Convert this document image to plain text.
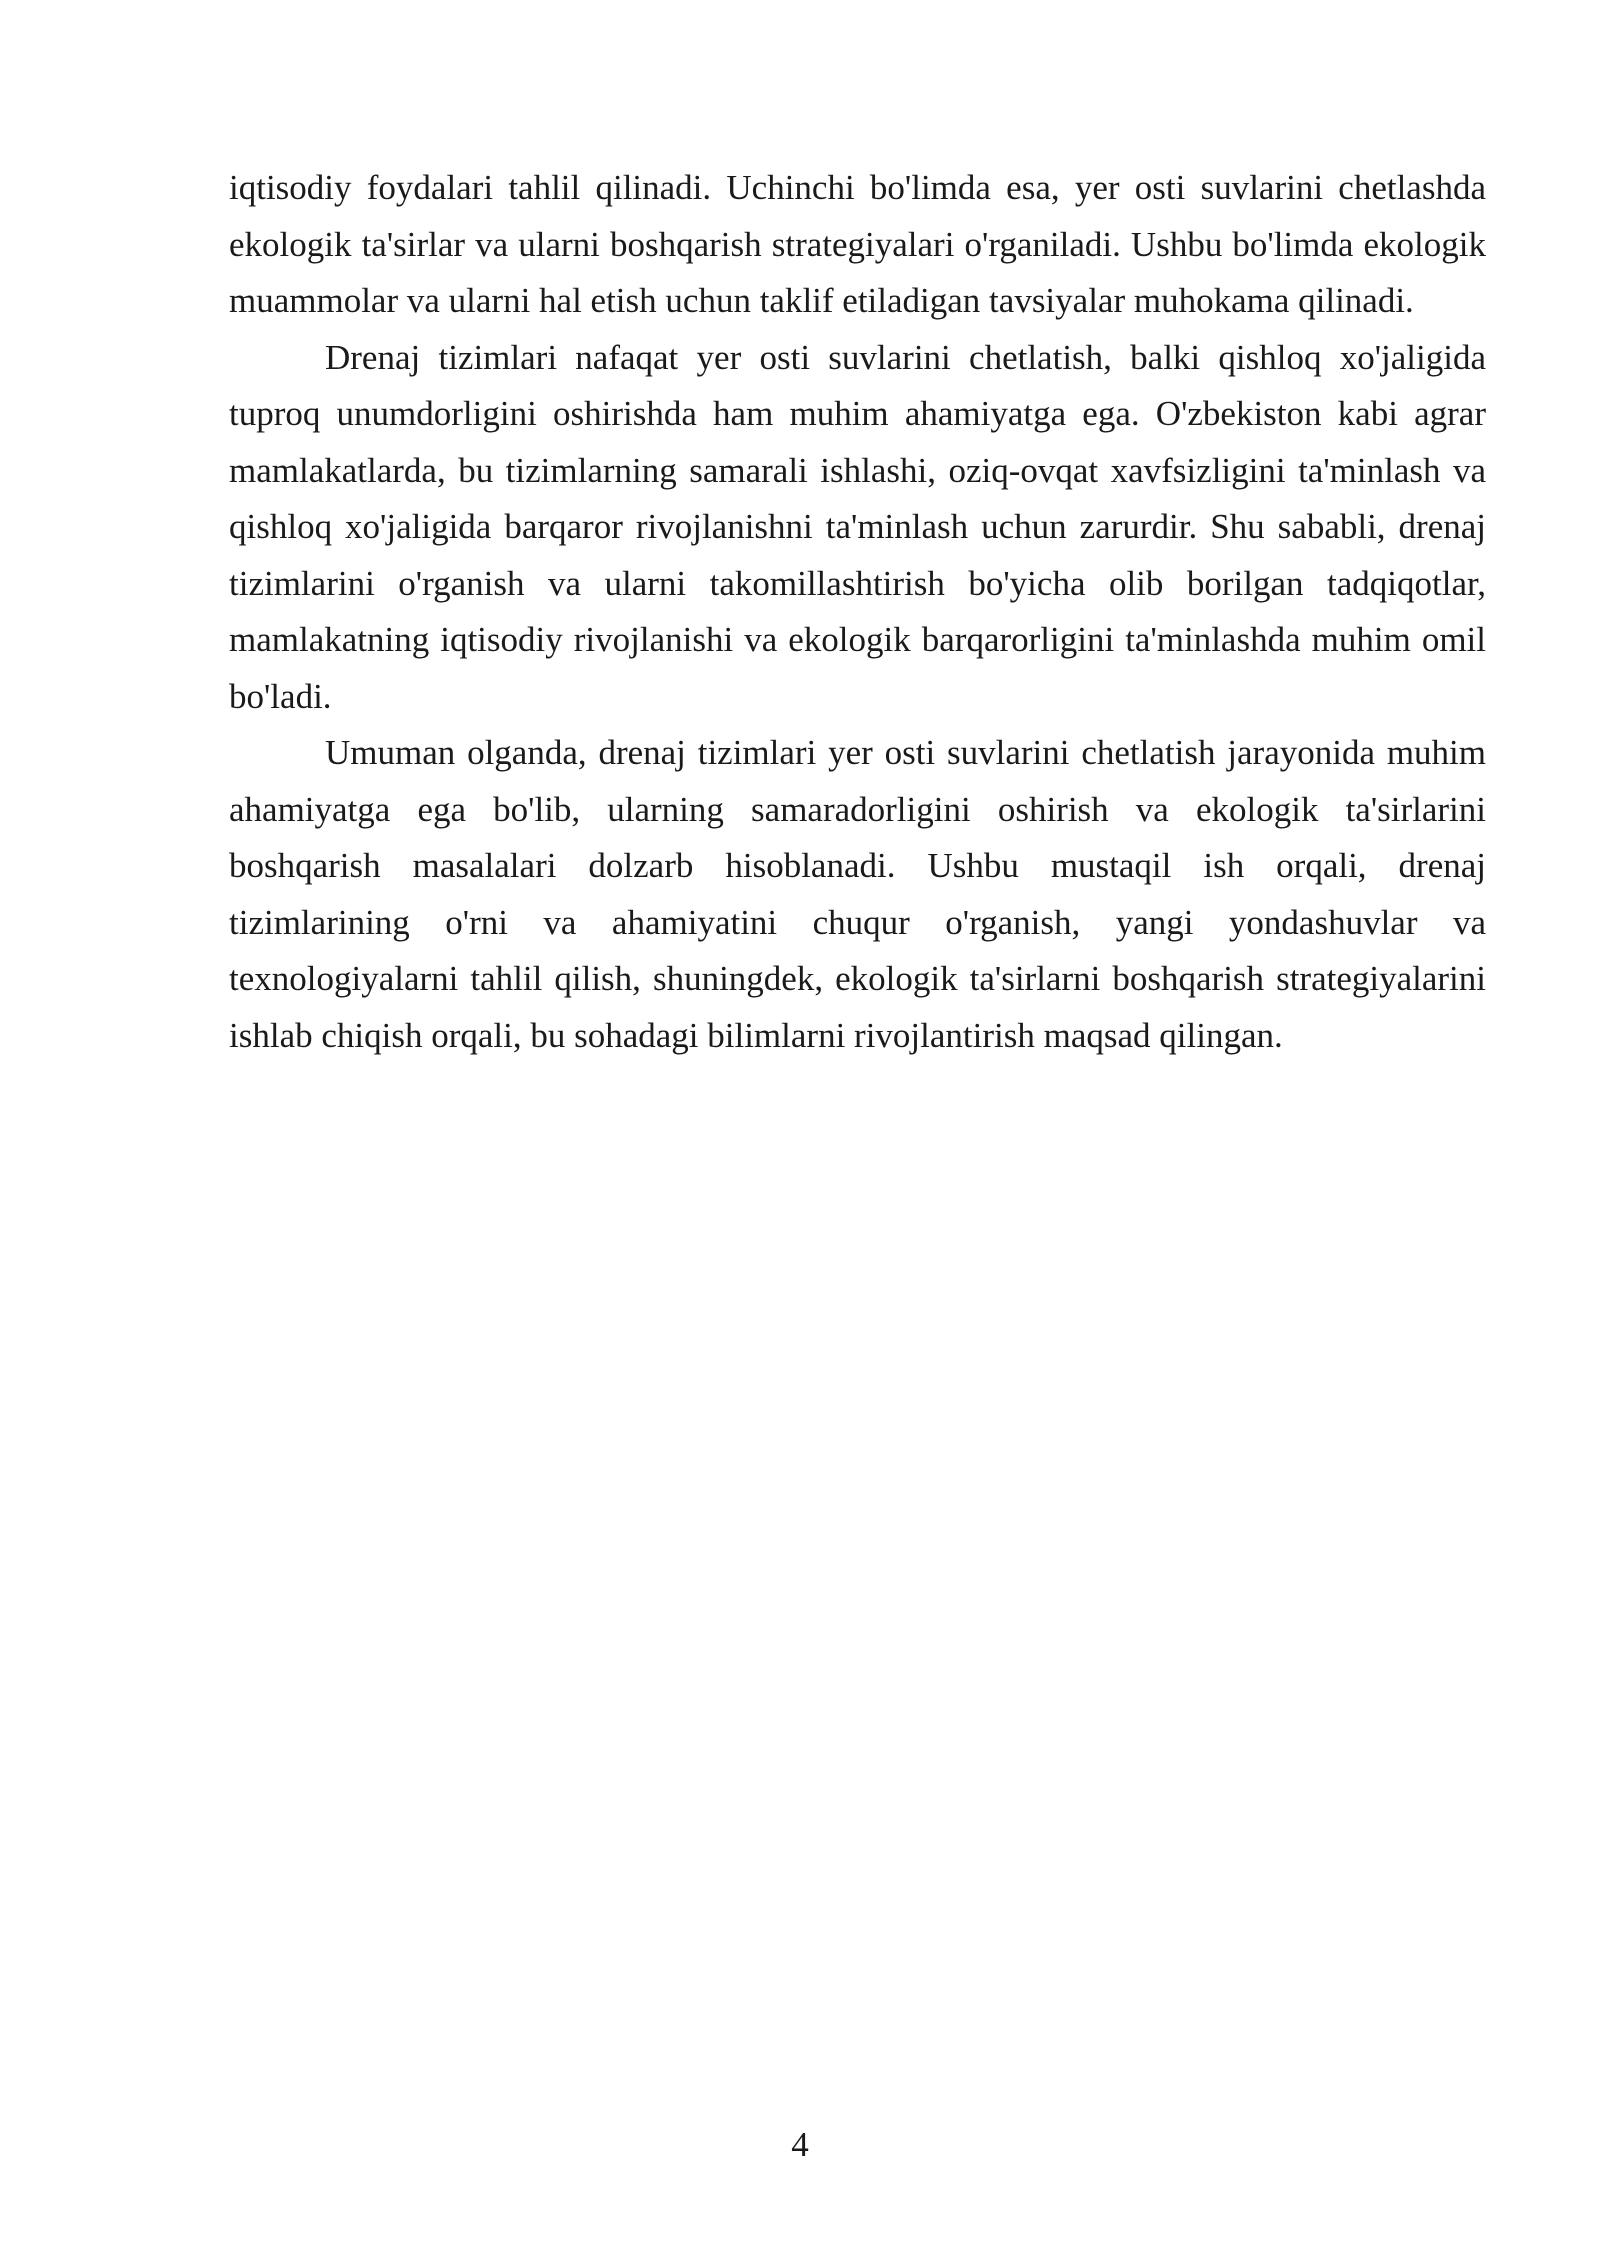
iqtisodiy foydalari tahlil qilinadi. Uchinchi bo'limda esa, yer osti suvlarini chetlashda ekologik ta'sirlar va ularni boshqarish strategiyalari o'rganiladi. Ushbu bo'limda ekologik muammolar va ularni hal etish uchun taklif etiladigan tavsiyalar muhokama qilinadi.

Drenaj tizimlari nafaqat yer osti suvlarini chetlatish, balki qishloq xo'jaligida tuproq unumdorligini oshirishda ham muhim ahamiyatga ega. O'zbekiston kabi agrar mamlakatlarda, bu tizimlarning samarali ishlashi, oziq-ovqat xavfsizligini ta'minlash va qishloq xo'jaligida barqaror rivojlanishni ta'minlash uchun zarurdir. Shu sababli, drenaj tizimlarini o'rganish va ularni takomillashtirish bo'yicha olib borilgan tadqiqotlar, mamlakatning iqtisodiy rivojlanishi va ekologik barqarorligini ta'minlashda muhim omil bo'ladi.

Umuman olganda, drenaj tizimlari yer osti suvlarini chetlatish jarayonida muhim ahamiyatga ega bo'lib, ularning samaradorligini oshirish va ekologik ta'sirlarini boshqarish masalalari dolzarb hisoblanadi. Ushbu mustaqil ish orqali, drenaj tizimlarining o'rni va ahamiyatini chuqur o'rganish, yangi yondashuvlar va texnologiyalarni tahlil qilish, shuningdek, ekologik ta'sirlarni boshqarish strategiyalarini ishlab chiqish orqali, bu sohadagi bilimlarni rivojlantirish maqsad qilingan.

4
